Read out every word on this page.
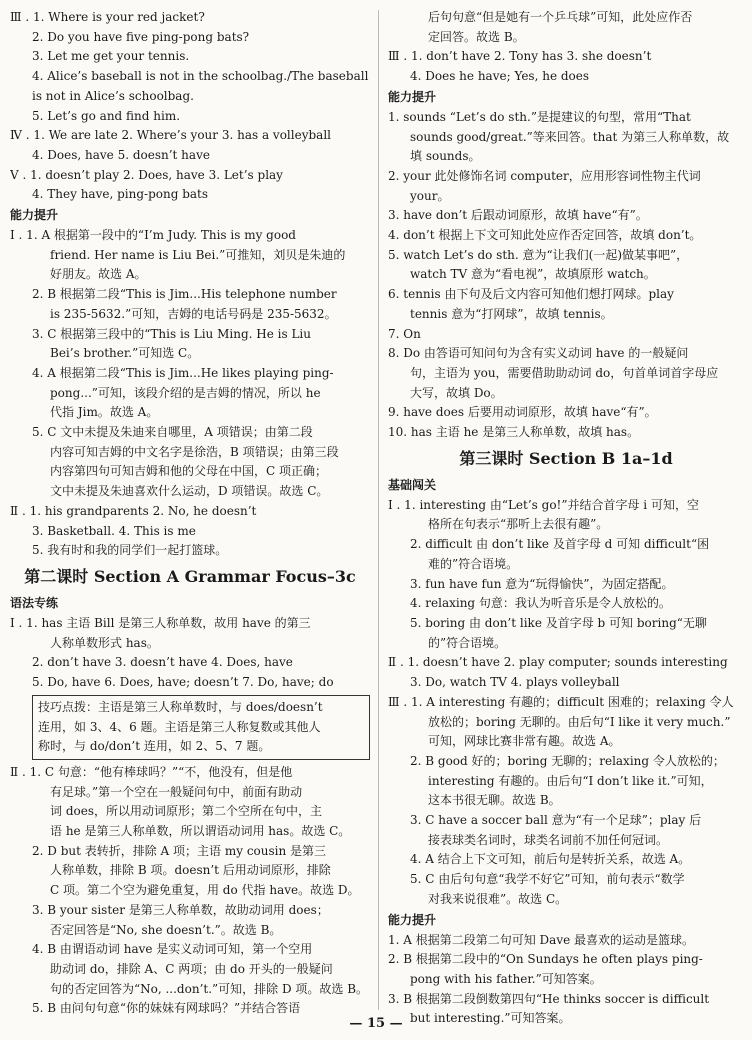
Ⅲ . 1. Where is your red jacket?
2. Do you have five ping-pong bats?
3. Let me get your tennis.
4. Alice’s baseball is not in the schoolbag./The baseball
is not in Alice’s schoolbag.
5. Let’s go and find him.
Ⅳ . 1. We are late 2. Where’s your 3. has a volleyball
4. Does, have 5. doesn’t have
Ⅴ . 1. doesn’t play 2. Does, have 3. Let’s play
4. They have, ping-pong bats
能力提升
Ⅰ . 1. A 根据第一段中的“I’m Judy. This is my good
friend. Her name is Liu Bei.”可推知，刘贝是朱迪的
好朋友。故选 A。
2. B 根据第二段“This is Jim...His telephone number
is 235-5632.”可知，吉姆的电话号码是 235-5632。
3. C 根据第三段中的“This is Liu Ming. He is Liu
Bei’s brother.”可知选 C。
4. A 根据第二段“This is Jim...He likes playing ping-
pong...”可知，该段介绍的是吉姆的情况，所以 he
代指 Jim。故选 A。
5. C 文中未提及朱迪来自哪里，A 项错误；由第二段
内容可知吉姆的中文名字是徐浩，B 项错误；由第三段
内容第四句可知吉姆和他的父母在中国，C 项正确；
文中未提及朱迪喜欢什么运动，D 项错误。故选 C。
Ⅱ . 1. his grandparents 2. No, he doesn’t
3. Basketball. 4. This is me
5. 我有时和我的同学们一起打篮球。
第二课时 Section A Grammar Focus–3c
语法专练
Ⅰ . 1. has 主语 Bill 是第三人称单数，故用 have 的第三
人称单数形式 has。
2. don’t have 3. doesn’t have 4. Does, have
5. Do, have 6. Does, have; doesn’t 7. Do, have; do
技巧点拨：主语是第三人称单数时，与 does/doesn’t
连用，如 3、4、6 题。主语是第三人称复数或其他人
称时，与 do/don’t 连用，如 2、5、7 题。
Ⅱ . 1. C 句意：“他有棒球吗？”“不，他没有，但是他
有足球。”第一个空在一般疑问句中，前面有助动
词 does，所以用动词原形；第二个空所在句中，主
语 he 是第三人称单数，所以谓语动词用 has。故选 C。
2. D but 表转折，排除 A 项；主语 my cousin 是第三
人称单数，排除 B 项。doesn’t 后用动词原形，排除
C 项。第二个空为避免重复，用 do 代指 have。故选 D。
3. B your sister 是第三人称单数，故助动词用 does；
否定回答是“No, she doesn’t.”。故选 B。
4. B 由谓语动词 have 是实义动词可知，第一个空用
助动词 do，排除 A、C 两项；由 do 开头的一般疑问
句的否定回答为“No, ...don’t.”可知，排除 D 项。故选 B。
5. B 由问句句意“你的妹妹有网球吗？”并结合答语
后句句意“但是她有一个乒乓球”可知，此处应作否
定回答。故选 B。
Ⅲ . 1. don’t have 2. Tony has 3. she doesn’t
4. Does he have; Yes, he does
能力提升
1. sounds “Let’s do sth.”是提建议的句型，常用“That
sounds good/great.”等来回答。that 为第三人称单数，故
填 sounds。
2. your 此处修饰名词 computer，应用形容词性物主代词
your。
3. have don’t 后跟动词原形，故填 have“有”。
4. don’t 根据上下文可知此处应作否定回答，故填 don’t。
5. watch Let’s do sth. 意为“让我们(一起)做某事吧”，
watch TV 意为“看电视”，故填原形 watch。
6. tennis 由下句及后文内容可知他们想打网球。play
tennis 意为“打网球”，故填 tennis。
7. On
8. Do 由答语可知问句为含有实义动词 have 的一般疑问
句，主语为 you，需要借助助动词 do，句首单词首字母应
大写，故填 Do。
9. have does 后要用动词原形，故填 have“有”。
10. has 主语 he 是第三人称单数，故填 has。
第三课时 Section B 1a–1d
基础闯关
Ⅰ . 1. interesting 由“Let’s go!”并结合首字母 i 可知，空
格所在句表示“那听上去很有趣”。
2. difficult 由 don’t like 及首字母 d 可知 difficult“困
难的”符合语境。
3. fun have fun 意为“玩得愉快”，为固定搭配。
4. relaxing 句意：我认为听音乐是令人放松的。
5. boring 由 don’t like 及首字母 b 可知 boring“无聊
的”符合语境。
Ⅱ . 1. doesn’t have 2. play computer; sounds interesting
3. Do, watch TV 4. plays volleyball
Ⅲ . 1. A interesting 有趣的；difficult 困难的；relaxing 令人
放松的；boring 无聊的。由后句“I like it very much.”
可知，网球比赛非常有趣。故选 A。
2. B good 好的；boring 无聊的；relaxing 令人放松的；
interesting 有趣的。由后句“I don’t like it.”可知，
这本书很无聊。故选 B。
3. C have a soccer ball 意为“有一个足球”；play 后
接表球类名词时，球类名词前不加任何冠词。
4. A 结合上下文可知，前后句是转折关系，故选 A。
5. C 由后句句意“我学不好它”可知，前句表示“数学
对我来说很难”。故选 C。
能力提升
1. A 根据第二段第二句可知 Dave 最喜欢的运动是篮球。
2. B 根据第二段中的“On Sundays he often plays ping-
pong with his father.”可知答案。
3. B 根据第二段倒数第四句“He thinks soccer is difficult
but interesting.”可知答案。
— 15 —
